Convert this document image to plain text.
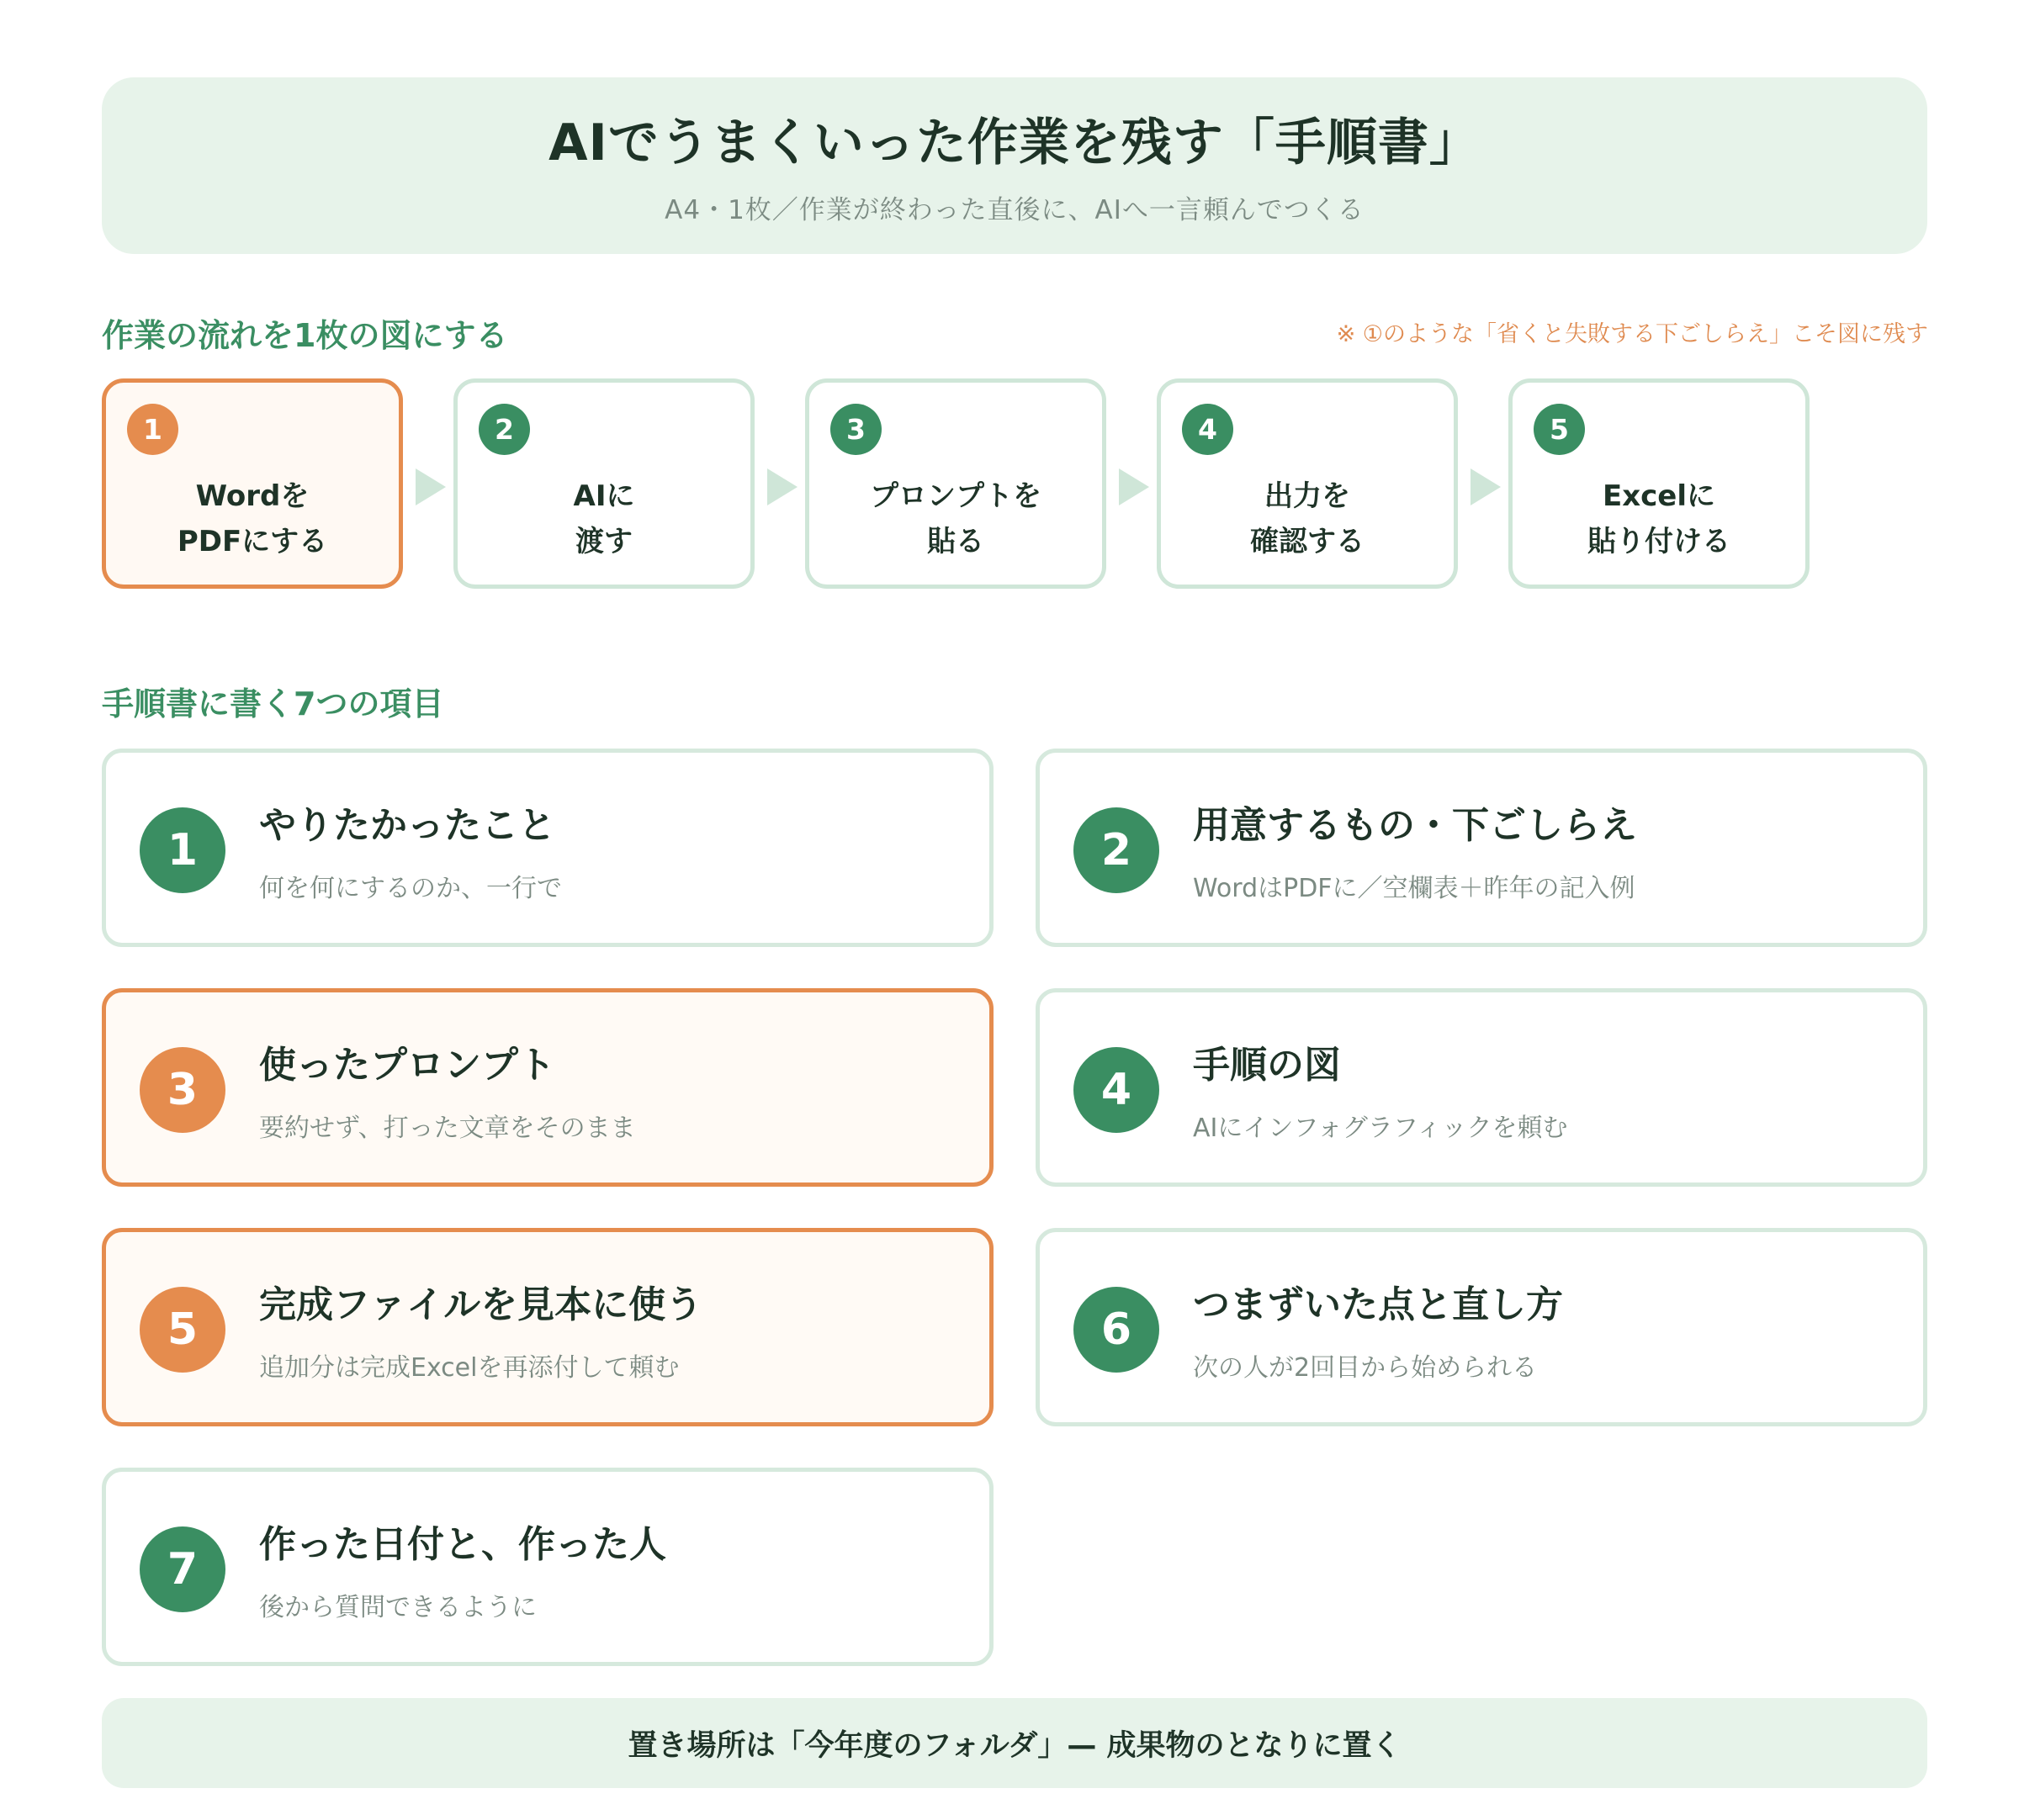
AIでうまくいった作業を残す「手順書」
A4・1枚／作業が終わった直後に、AIへ一言頼んでつくる
作業の流れを1枚の図にする	※ ①のような「省くと失敗する下ごしらえ」こそ図に残す
1
Wordを
PDFにする
2
AIに
渡す
3
プロンプトを
貼る
4
出力を
確認する
5
Excelに
貼り付ける
手順書に書く7つの項目
1	やりたかったこと
何を何にするのか、一行で
2	用意するもの・下ごしらえ
WordはPDFに／空欄表＋昨年の記入例
3	使ったプロンプト
要約せず、打った文章をそのまま
4	手順の図
AIにインフォグラフィックを頼む
5	完成ファイルを見本に使う
追加分は完成Excelを再添付して頼む
6	つまずいた点と直し方
次の人が2回目から始められる
7	作った日付と、作った人
後から質問できるように
置き場所は「今年度のフォルダ」— 成果物のとなりに置く
